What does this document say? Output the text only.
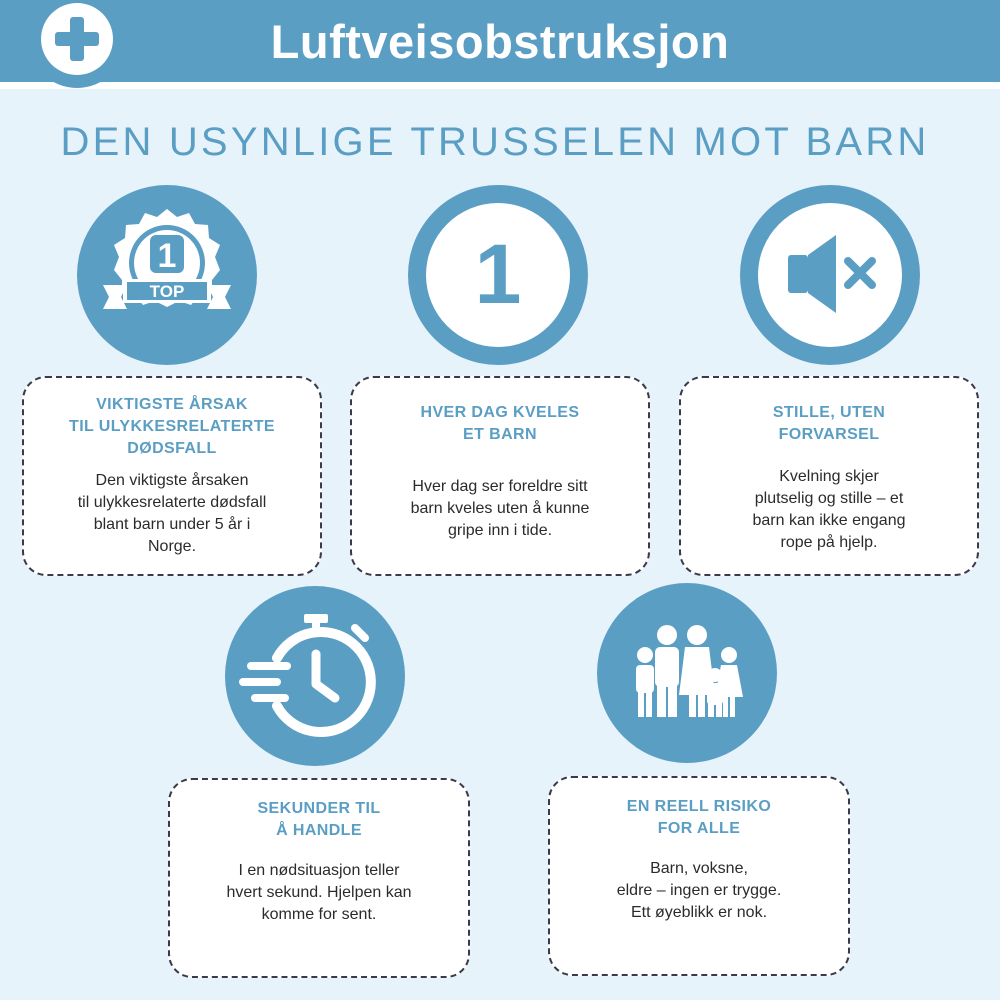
Luftveisobstruksjon
DEN USYNLIGE TRUSSELEN MOT BARN
1
TOP	1
VIKTIGSTE ÅRSAK
TIL ULYKKESRELATERTE
DØDSFALL
Den viktigste årsaken
til ulykkesrelaterte dødsfall
blant barn under 5 år i
Norge.
HVER DAG KVELES
ET BARN
Hver dag ser foreldre sitt
barn kveles uten å kunne
gripe inn i tide.
STILLE, UTEN
FORVARSEL
Kvelning skjer
plutselig og stille – et
barn kan ikke engang
rope på hjelp.
SEKUNDER TIL
Å HANDLE
I en nødsituasjon teller
hvert sekund. Hjelpen kan
komme for sent.
EN REELL RISIKO
FOR ALLE
Barn, voksne,
eldre – ingen er trygge.
Ett øyeblikk er nok.
